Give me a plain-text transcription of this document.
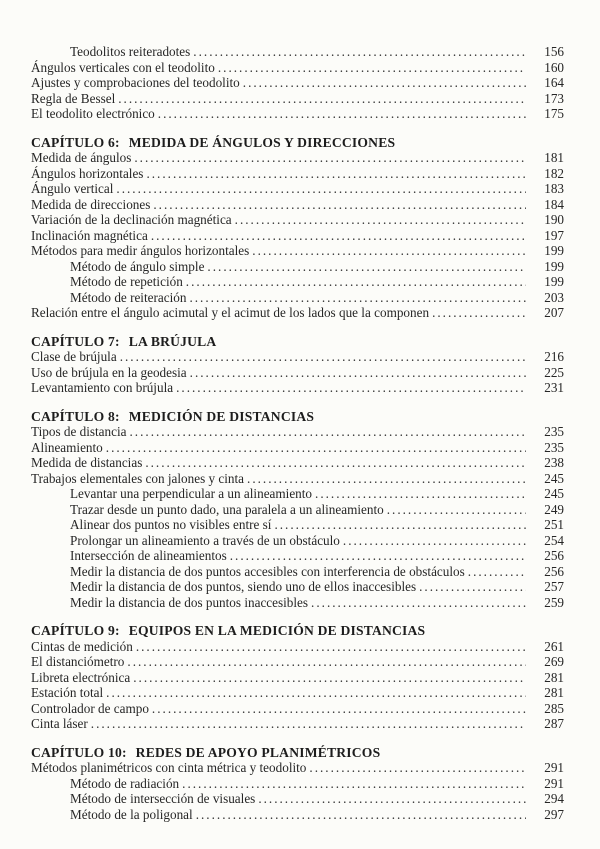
Teodolitos reiteradotes .....	156
Ángulos verticales con el teodolito .....	160
Ajustes y comprobaciones del teodolito .....	164
Regla de Bessel .....	173
El teodolito electrónico .....	175
CAPÍTULO 6: MEDIDA DE ÁNGULOS Y DIRECCIONES
Medida de ángulos .....	181
Ángulos horizontales .....	182
Ángulo vertical .....	183
Medida de direcciones .....	184
Variación de la declinación magnética .....	190
Inclinación magnética .....	197
Métodos para medir ángulos horizontales .....	199
Método de ángulo simple .....	199
Método de repetición .....	199
Método de reiteración .....	203
Relación entre el ángulo acimutal y el acimut de los lados que la componen .....	207
CAPÍTULO 7: LA BRÚJULA
Clase de brújula .....	216
Uso de brújula en la geodesia .....	225
Levantamiento con brújula .....	231
CAPÍTULO 8: MEDICIÓN DE DISTANCIAS
Tipos de distancia .....	235
Alineamiento .....	235
Medida de distancias .....	238
Trabajos elementales con jalones y cinta .....	245
Levantar una perpendicular a un alineamiento .....	245
Trazar desde un punto dado, una paralela a un alineamiento .....	249
Alinear dos puntos no visibles entre sí .....	251
Prolongar un alineamiento a través de un obstáculo .....	254
Intersección de alineamientos .....	256
Medir la distancia de dos puntos accesibles con interferencia de obstáculos .....	256
Medir la distancia de dos puntos, siendo uno de ellos inaccesibles .....	257
Medir la distancia de dos puntos inaccesibles .....	259
CAPÍTULO 9: EQUIPOS EN LA MEDICIÓN DE DISTANCIAS
Cintas de medición .....	261
El distanciómetro .....	269
Libreta electrónica .....	281
Estación total .....	281
Controlador de campo .....	285
Cinta láser .....	287
CAPÍTULO 10: REDES DE APOYO PLANIMÉTRICOS
Métodos planimétricos con cinta métrica y teodolito .....	291
Método de radiación .....	291
Método de intersección de visuales .....	294
Método de la poligonal .....	297
